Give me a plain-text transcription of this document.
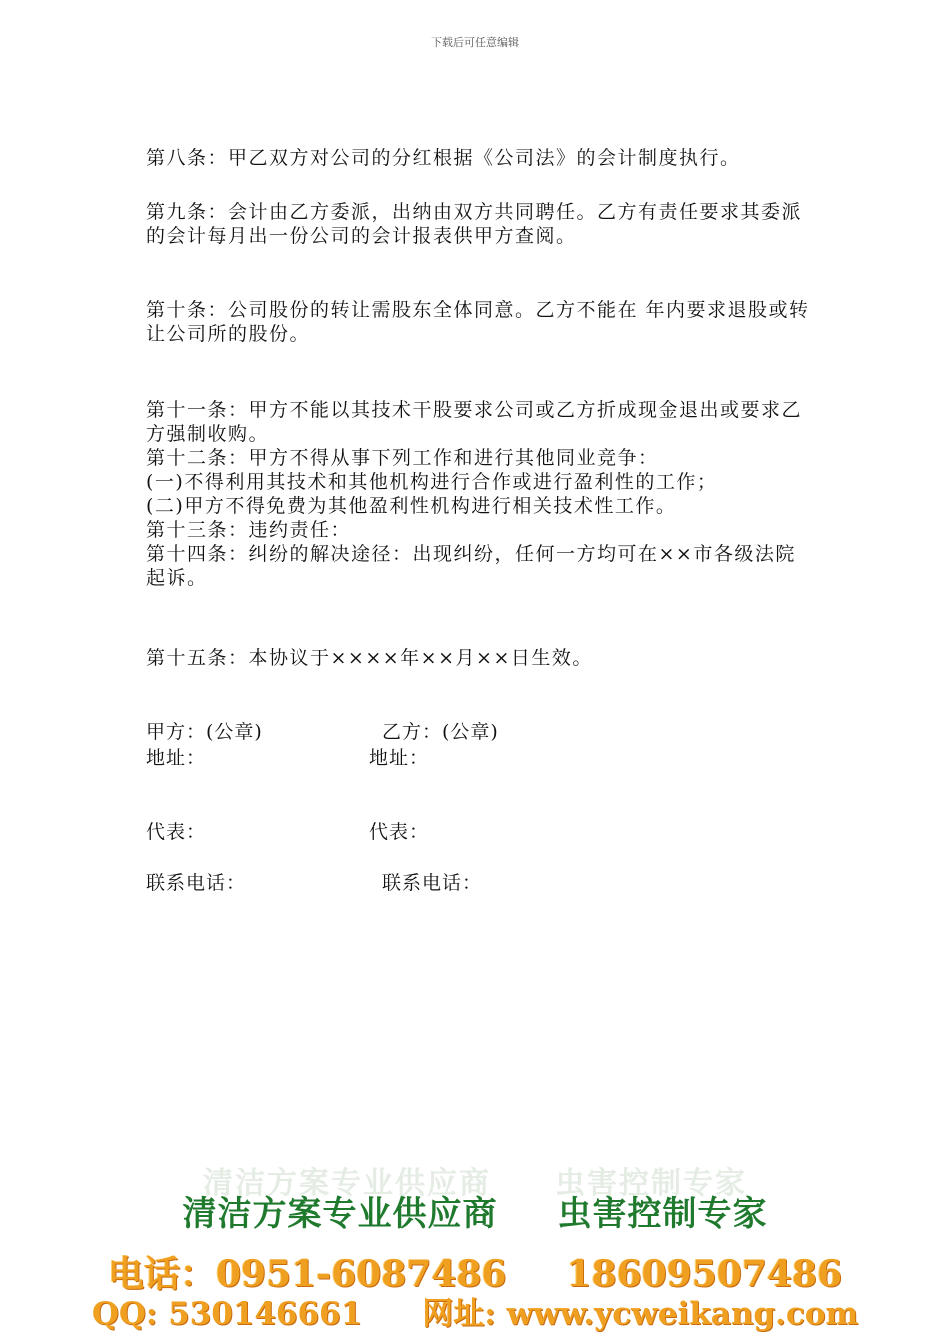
下载后可任意编辑

第八条：甲乙双方对公司的分红根据《公司法》的会计制度执行。

第九条：会计由乙方委派，出纳由双方共同聘任。乙方有责任要求其委派的会计每月出一份公司的会计报表供甲方查阅。

第十条：公司股份的转让需股东全体同意。乙方不能在 年内要求退股或转让公司所的股份。

第十一条：甲方不能以其技术干股要求公司或乙方折成现金退出或要求乙方强制收购。

第十二条：甲方不得从事下列工作和进行其他同业竞争：

(一)不得利用其技术和其他机构进行合作或进行盈利性的工作；

(二)甲方不得免费为其他盈利性机构进行相关技术性工作。

第十三条：违约责任：

第十四条：纠纷的解决途径：出现纠纷，任何一方均可在××市各级法院起诉。

第十五条：本协议于××××年××月××日生效。

甲方：(公章)	乙方：(公章)
地址：	地址：
代表：	代表：
联系电话：	联系电话：
清洁方案专业供应商　　虫害控制专家
清洁方案专业供应商 虫害控制专家
电话：0951-6087486 18609507486
QQ: 530146661 网址: www.ycweikang.com
